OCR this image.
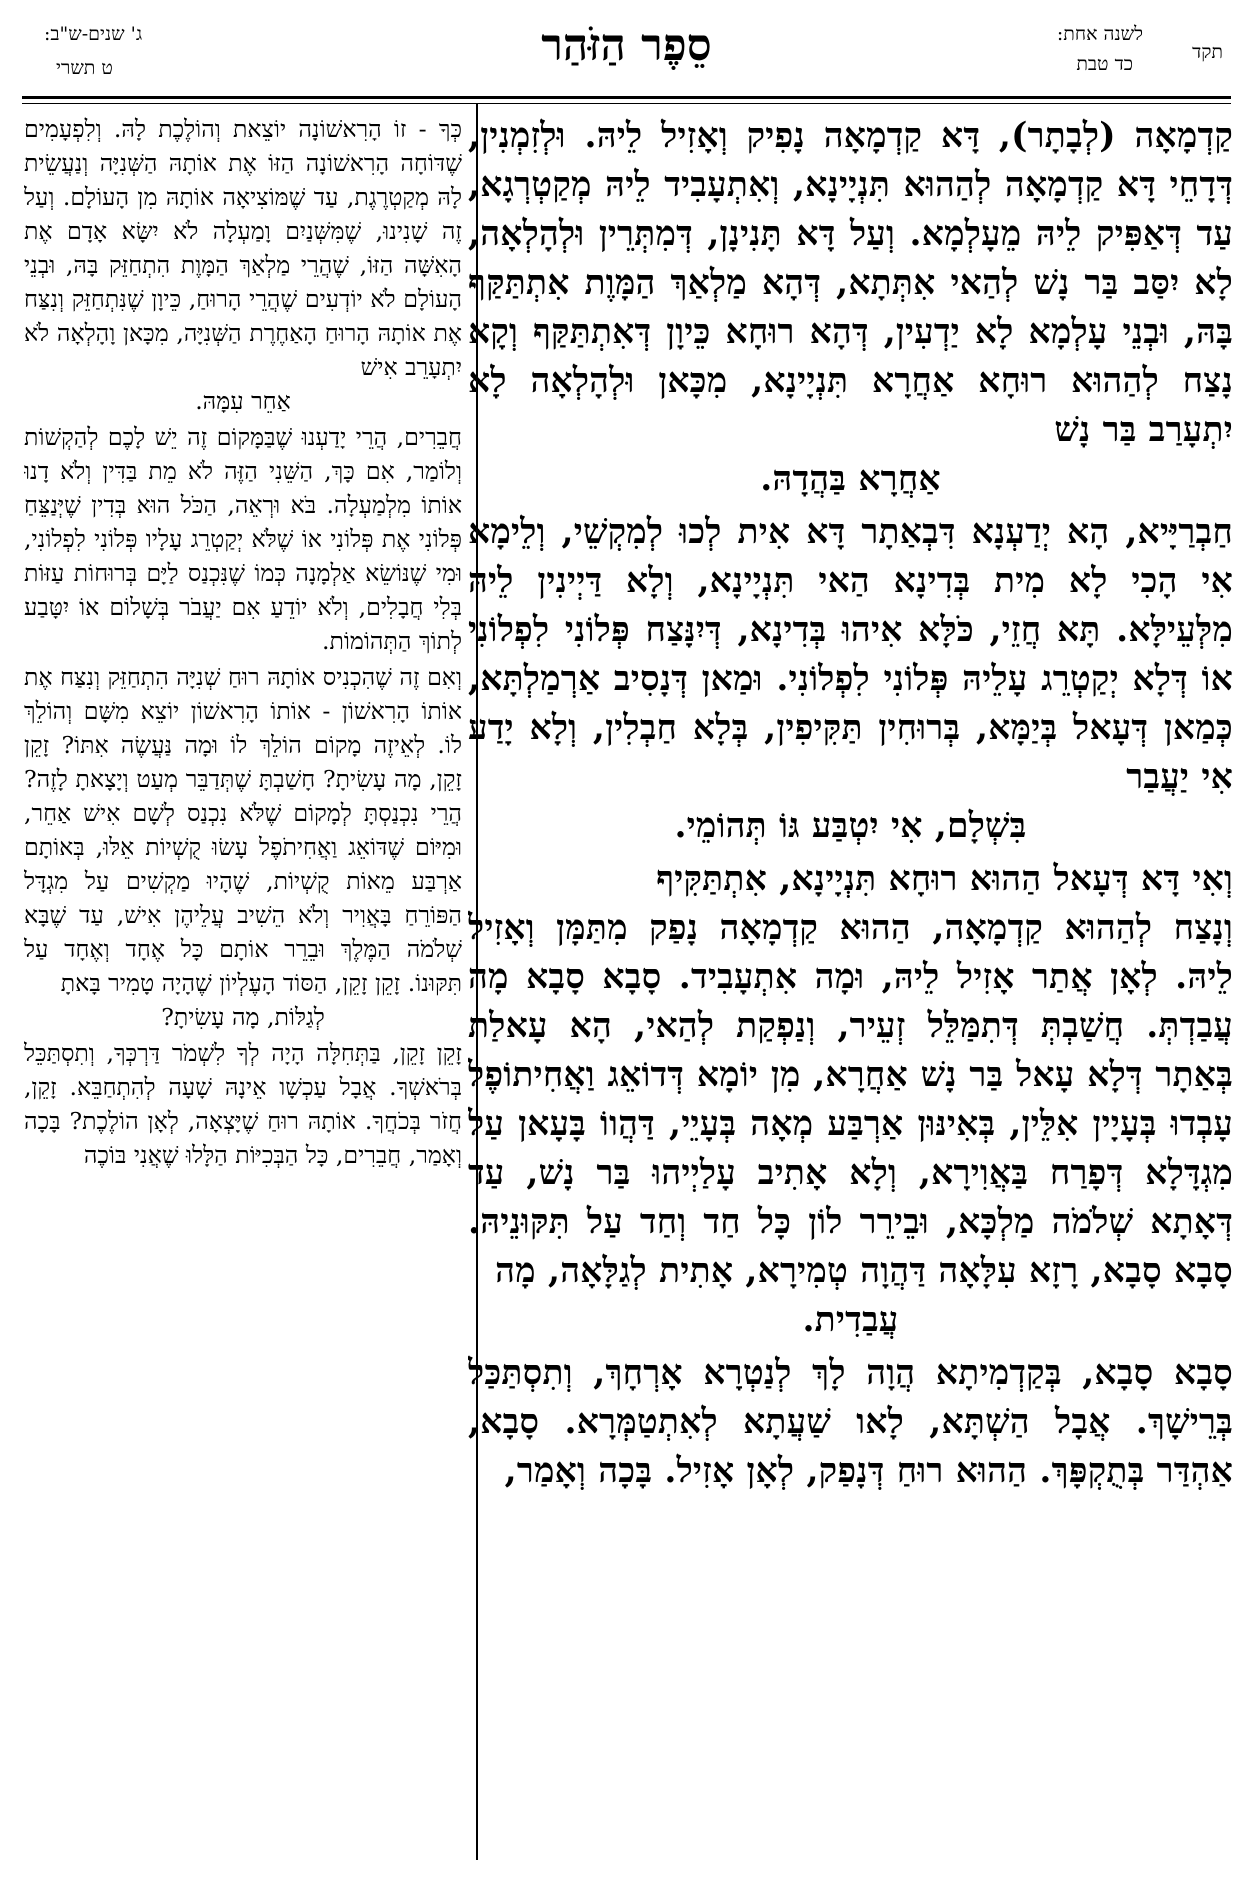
תקד
לשנה אחת:
כד טבת
סֵפֶר הַזֹּהַר
ג' שנים-ש"ב:
ט תשרי

קַדְמָאָה (לְבָתָר), דָּא קַדְמָאָה נָפִיק וְאָזִיל לֵיהּ. וּלְזִמְנִין, דְּדָחֵי דָּא קַדְמָאָה לְהַהוּא תִּנְיָינָא, וְאִתְעָבִיד לֵיהּ מְקַטְרְגָא, עַד דְּאַפִּיק לֵיהּ מֵעָלְמָא. וְעַל דָּא תָּנִינָן, דְּמִתְּרֵין וּלְהָלְאָה, לָא יִסַּב בַּר נָשׁ לְהַאי אִתְּתָא, דְּהָא מַלְאַךְ הַמָּוֶת אִתְתַּקַּף בָּהּ, וּבְנֵי עָלְמָא לָא יַדְעִין, דְּהָא רוּחָא כֵּיוָן דְּאִתְתַּקַּף וְקָא נָצַח לְהַהוּא רוּחָא אַחֲרָא תִּנְיָינָא, מִכָּאן וּלְהָלְאָה לָא יִתְעָרַב בַּר נָשׁ

אַחֲרָא בַּהֲדָהּ.

חַבְרַיָּיא, הָא יְדַעְנָא דִּבְאַתָר דָּא אִית לְכוּ לְמִקְשֵׁי, וְלֵימָא אִי הָכִי לָא מִית בְּדִינָא הַאי תִּנְיָינָא, וְלָא דַּיְינִין לֵיהּ מִלְּעֵילָּא. תָּא חֲזֵי, כֹּלָּא אִיהוּ בְּדִינָא, דְּיִנָּצַח פְּלוֹנִי לִפְלוֹנִי אוֹ דְּלָא יְקַטְרֵג עָלֵיהּ פְּלוֹנִי לִפְלוֹנִי. וּמַאן דְּנָסִיב אַרְמַלְתָּא, כְּמַאן דְּעָאל בְּיַמָּא, בְּרוּחִין תַּקִּיפִין, בְּלָא חַבְלִין, וְלָא יָדַע אִי יַעֲבַר

בִּשְׁלָם, אִי יִטְבַּע גּוֹ תְּהוֹמֵי.

וְאִי דָּא דְּעָאל הַהוּא רוּחָא תִּנְיָינָא, אִתְתַּקִּיף

וְנָצַח לְהַהוּא קַדְמָאָה, הַהוּא קַדְמָאָה נָפַק מִתַּמָּן וְאָזִיל לֵיהּ. לְאָן אֲתַר אָזִיל לֵיהּ, וּמָה אִתְעָבִיד. סָבָא סָבָא מָה עֲבַדְתְּ. חֲשַׁבְתְּ דְּתִמַּלֵּל זְעֵיר, וְנַפְקַת לְהַאי, הָא עָאלַת בְּאַתָר דְּלָא עָאל בַּר נָשׁ אַחֲרָא, מִן יוֹמָא דְּדוֹאֵג וַאֲחִיתוֹפֶל עָבְדוּ בְּעָיָין אִלֵּין, בְּאִינּוּן אַרְבַּע מְאָה בְּעָיֵי, דַּהֲווֹ בָּעָאן עַל מִגְדָּלָא דְּפָרַח בַּאֲוִירָא, וְלָא אָתִיב עָלַיְיהוּ בַּר נָשׁ, עַד דְּאָתָא שְׁלֹמֹה מַלְכָּא, וּבֵירֵר לוֹן כָּל חַד וְחַד עַל תִּקּוּנֵיהּ. סָבָא סָבָא, רָזָא עִלָּאָה דַּהֲוָה טְמִירָא, אָתִית לְגַלָּאָה, מָה

עֲבַדִית.

סָבָא סָבָא, בְּקַדְמִיתָא הֲוָה לָךְ לְנַטְרָא אָרְחָךְ, וְתִסְתַּכַּל בְּרֵישָׁךְ. אֲבָל הַשְׁתָּא, לָאו שַׁעֲתָא לְאִתְטַמְּרָא. סָבָא, אַהְדַּר בְּתֻקְפָּךְ. הַהוּא רוּחַ דְּנָפַק, לְאָן אָזִיל. בָּכָה וְאָמַר,

כְּךָ - זוֹ הָרִאשׁוֹנָה יוֹצֵאת וְהוֹלֶכֶת לָהּ. וְלִפְעָמִים שֶׁדּוֹחָה הָרִאשׁוֹנָה הַזּוֹ אֶת אוֹתָהּ הַשְּׁנִיָּה וְנַעֲשֵׂית לָהּ מְקַטְרֶגֶת, עַד שֶׁמּוֹצִיאָה אוֹתָהּ מִן הָעוֹלָם. וְעַל זֶה שָׁנִינוּ, שֶׁמִּשְּׁנַיִם וָמַעְלָה לֹא יִשָּׂא אָדָם אֶת הָאִשָּׁה הַזּוֹ, שֶׁהֲרֵי מַלְאַךְ הַמָּוֶת הִתְחַזֵּק בָּהּ, וּבְנֵי הָעוֹלָם לֹא יוֹדְעִים שֶׁהֲרֵי הָרוּחַ, כֵּיוָן שֶׁנִּתְחַזֵּק וְנִצַּח אֶת אוֹתָהּ הָרוּחַ הָאַחֶרֶת הַשְּׁנִיָּה, מִכָּאן וָהָלְאָה לֹא יִתְעָרֵב אִישׁ

אַחֵר עִמָּהּ.

חֲבֵרִים, הֲרֵי יָדַעְנוּ שֶׁבַּמָּקוֹם זֶה יֵשׁ לָכֶם לְהַקְשׁוֹת וְלוֹמַר, אִם כָּךְ, הַשֵּׁנִי הַזֶּה לֹא מֵת בַּדִּין וְלֹא דָנוּ אוֹתוֹ מִלְמַעְלָה. בֹּא וּרְאֵה, הַכֹּל הוּא בְּדִין שֶׁיְּנַצֵּחַ פְּלוֹנִי אֶת פְּלוֹנִי אוֹ שֶׁלֹּא יְקַטְרֵג עָלָיו פְּלוֹנִי לִפְלוֹנִי, וּמִי שֶׁנּוֹשֵׂא אַלְמָנָה כְּמוֹ שֶׁנִּכְנַס לַיָּם בְּרוּחוֹת עַזּוֹת בְּלִי חֲבָלִים, וְלֹא יוֹדֵעַ אִם יַעֲבֹר בְּשָׁלוֹם אוֹ יִטָּבַע לְתוֹךְ הַתְּהוֹמוֹת.

וְאִם זֶה שֶׁהִכְנִיס אוֹתָהּ רוּחַ שְׁנִיָּה הִתְחַזֵּק וְנִצַּח אֶת אוֹתוֹ הָרִאשׁוֹן - אוֹתוֹ הָרִאשׁוֹן יוֹצֵא מִשָּׁם וְהוֹלֵךְ לוֹ. לְאֵיזֶה מָקוֹם הוֹלֵךְ לוֹ וּמָה נַּעֲשֶׂה אִתּוֹ? זָקֵן זָקֵן, מָה עָשִׂיתָ? חָשַׁבְתָּ שֶׁתְּדַבֵּר מְעַט וְיָצָאתָ לָזֶה? הֲרֵי נִכְנַסְתָּ לְמָקוֹם שֶׁלֹּא נִכְנַס לְשָׁם אִישׁ אַחֵר, וּמִיּוֹם שֶׁדּוֹאֵג וַאֲחִיתֹפֶל עָשׂוּ קֻשְׁיוֹת אֵלּוּ, בְּאוֹתָם אַרְבַּע מֵאוֹת קֻשְׁיוֹת, שֶׁהָיוּ מַקְשִׁים עַל מִגְדָּל הַפּוֹרֵחַ בָּאֲוִיר וְלֹא הֵשִׁיב עֲלֵיהֶן אִישׁ, עַד שֶׁבָּא שְׁלֹמֹה הַמֶּלֶךְ וּבֵרֵר אוֹתָם כָּל אֶחָד וְאֶחָד עַל תִּקּוּנוֹ. זָקֵן זָקֵן, הַסּוֹד הָעֶלְיוֹן שֶׁהָיָה טָמִיר בָּאתָ

לְגַלּוֹת, מָה עָשִׂיתָ?

זָקֵן זָקֵן, בַּתְּחִלָּה הָיָה לְךָ לִשְׁמֹר דַּרְכְּךָ, וְתִסְתַּכֵּל בְּרֹאשְׁךָ. אֲבָל עַכְשָׁו אֵינָהּ שָׁעָה לְהִתְחַבֵּא. זָקֵן, חֲזֹר בְּכֹחֲךָ. אוֹתָהּ רוּחַ שֶׁיָּצְאָה, לְאָן הוֹלֶכֶת? בָּכָה וְאָמַר, חֲבֵרִים, כָּל הַבְּכִיּוֹת הַלָּלוּ שֶׁאֲנִי בּוֹכֶה
